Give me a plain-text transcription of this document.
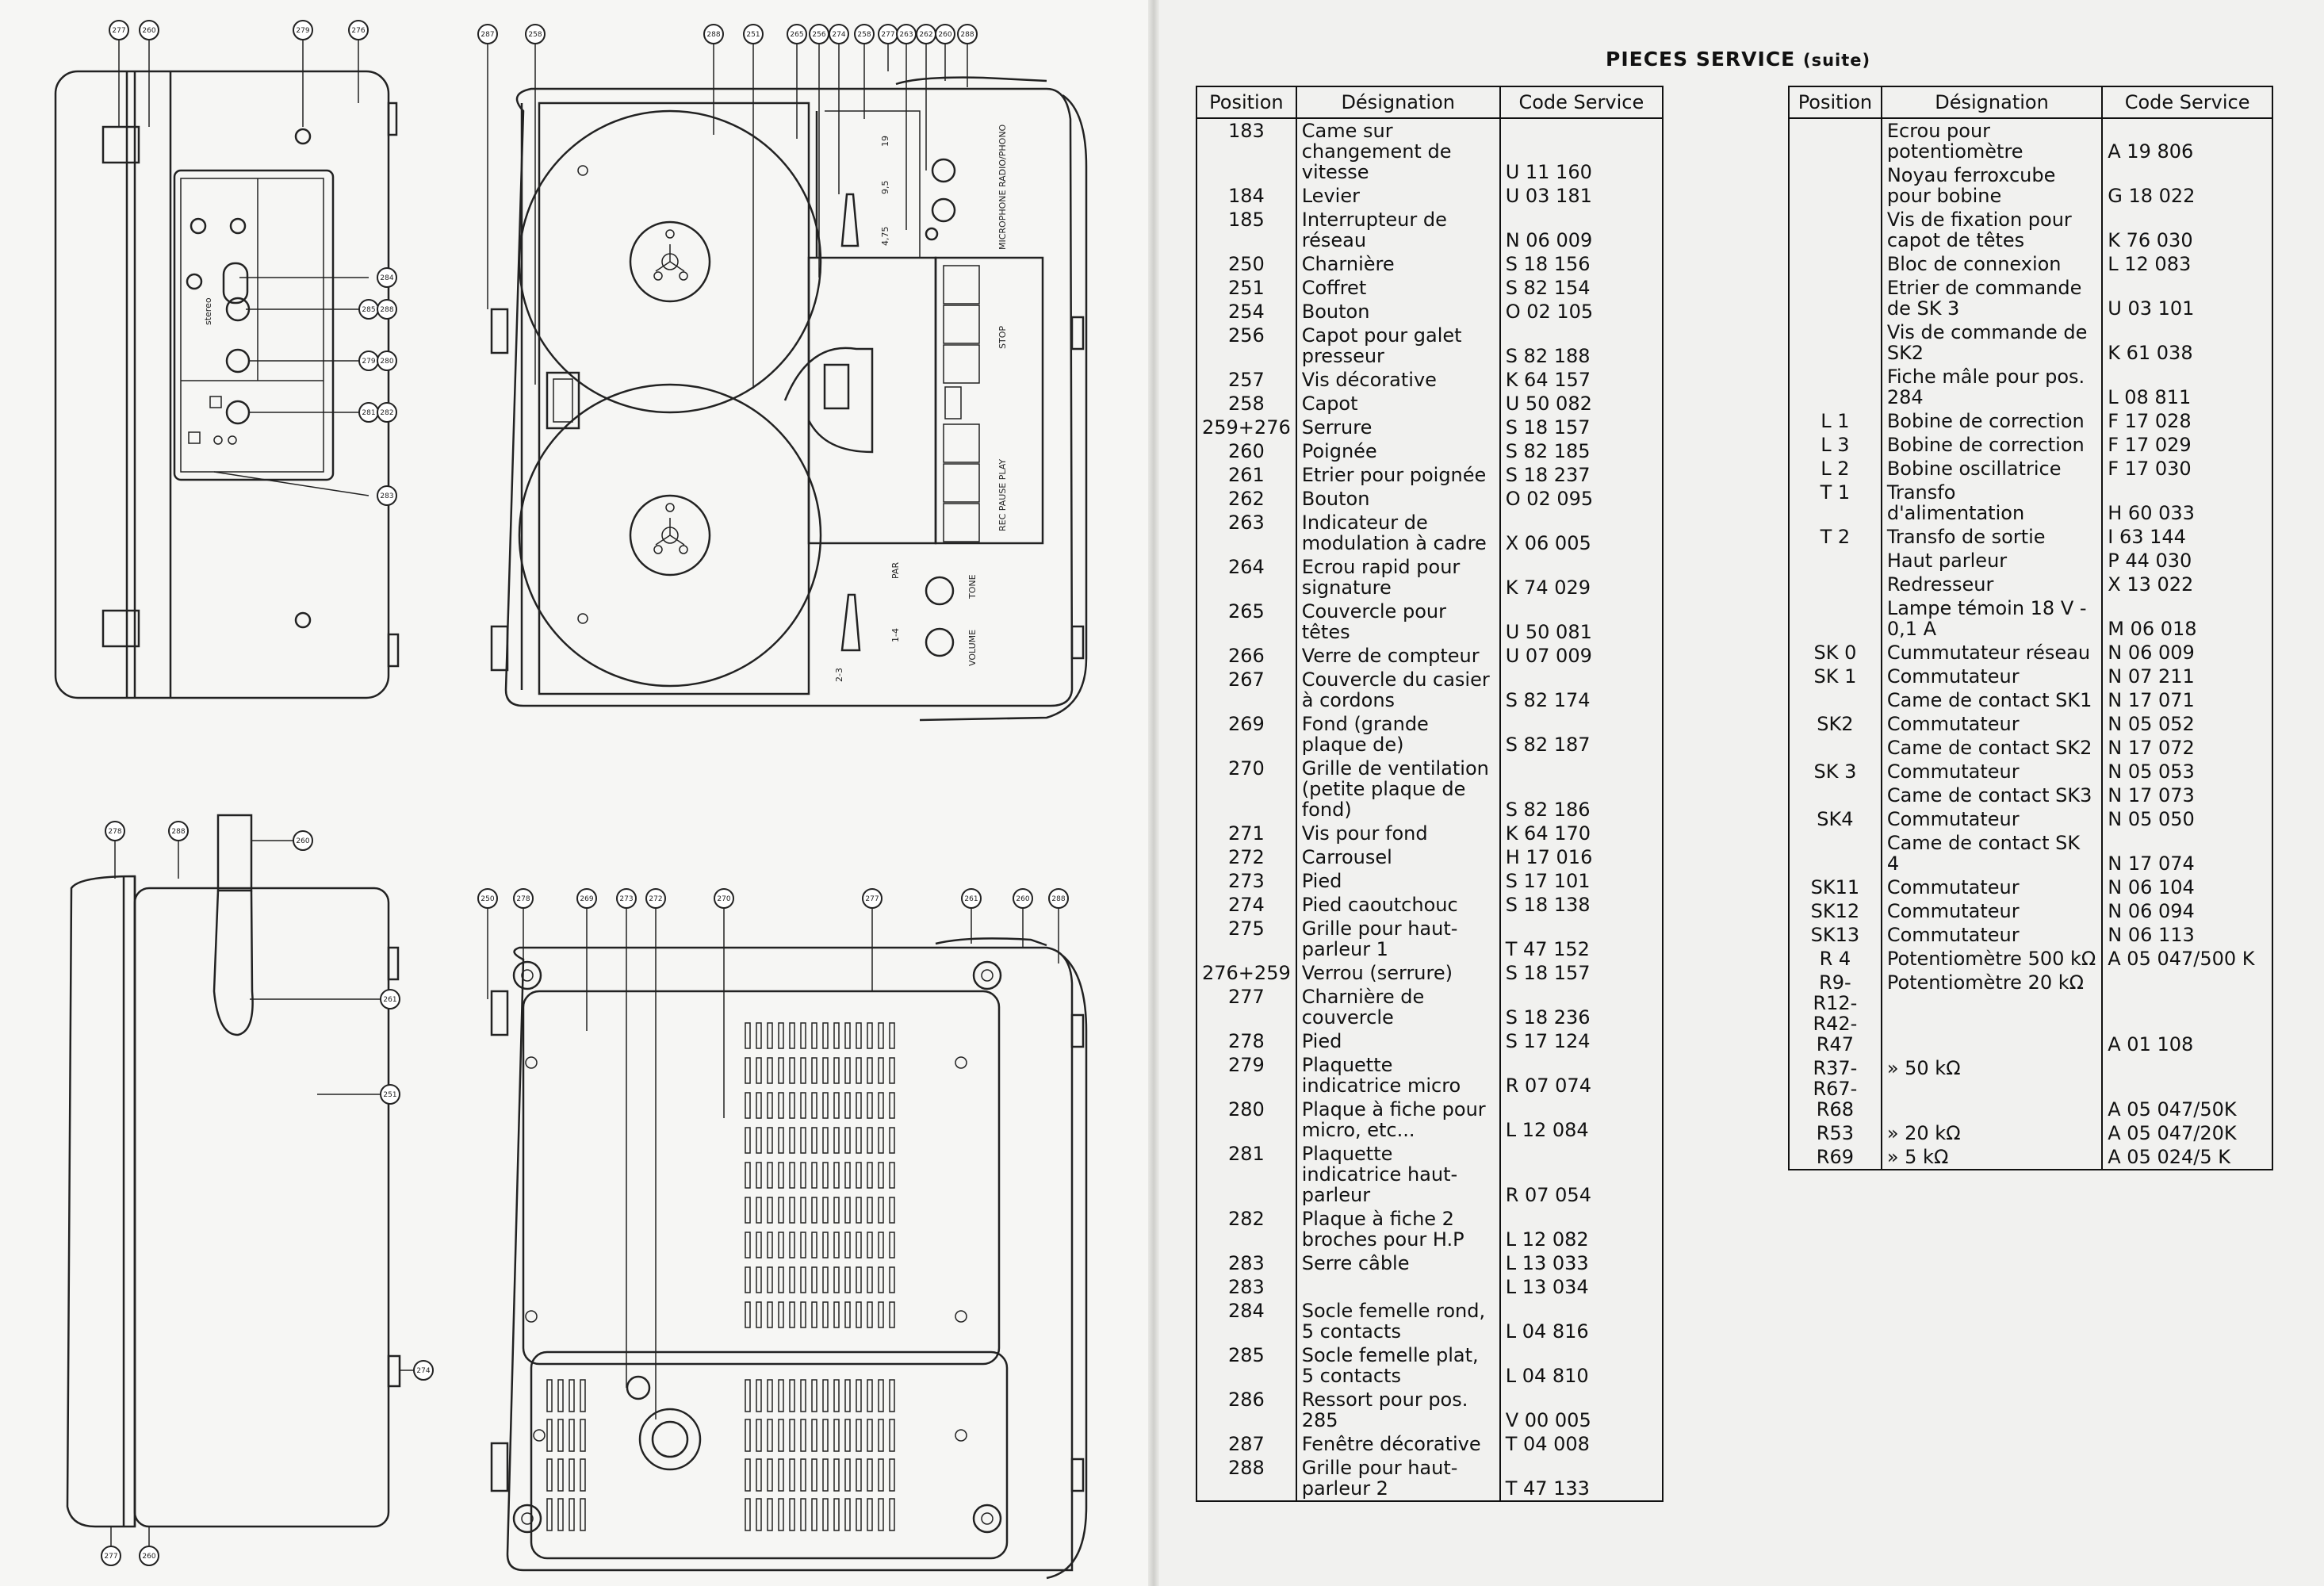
stereo
277 260	279	276
284
285 288
279 280
281 282
283
STOP
REC PAUSE PLAY
MICROPHONE RADIO/PHONO
19
9,5
4,75
VOLUME
TONE
PAR
1-4
2-3
287	258	288	251	265 256 274 258 277 263 262 260 288
278	288
260
261
251
274
277	260
250	278	269	273 272	270	277	261	260	288
PIECES SERVICE (suite)
Position	Désignation	Code Service
183	Came sur changement de vitesse	U 11 160
184	Levier	U 03 181
185	Interrupteur de réseau	N 06 009
250	Charnière	S 18 156
251	Coffret	S 82 154
254	Bouton	O 02 105
256	Capot pour galet presseur	S 82 188
257	Vis décorative	K 64 157
258	Capot	U 50 082
259+276	Serrure	S 18 157
260	Poignée	S 82 185
261	Etrier pour poignée	S 18 237
262	Bouton	O 02 095
263	Indicateur de modulation à cadre	X 06 005
264	Ecrou rapid pour signature	K 74 029
265	Couvercle pour têtes	U 50 081
266	Verre de compteur	U 07 009
267	Couvercle du casier à cordons	S 82 174
269	Fond (grande plaque de)	S 82 187
270	Grille de ventilation (petite plaque de fond)	S 82 186
271	Vis pour fond	K 64 170
272	Carrousel	H 17 016
273	Pied	S 17 101
274	Pied caoutchouc	S 18 138
275	Grille pour haut-parleur 1	T 47 152
276+259	Verrou (serrure)	S 18 157
277	Charnière de couvercle	S 18 236
278	Pied	S 17 124
279	Plaquette indicatrice micro	R 07 074
280	Plaque à fiche pour micro, etc...	L 12 084
281	Plaquette indicatrice haut-parleur	R 07 054
282	Plaque à fiche 2 broches pour H.P	L 12 082
283	Serre câble	L 13 033
283		L 13 034
284	Socle femelle rond, 5 contacts	L 04 816
285	Socle femelle plat, 5 contacts	L 04 810
286	Ressort pour pos. 285	V 00 005
287	Fenêtre décorative	T 04 008
288	Grille pour haut-parleur 2	T 47 133
Position	Désignation	Code Service
	Ecrou pour potentiomètre	A 19 806
	Noyau ferroxcube pour bobine	G 18 022
	Vis de fixation pour capot de têtes	K 76 030
	Bloc de connexion	L 12 083
	Etrier de commande de SK 3	U 03 101
	Vis de commande de SK2	K 61 038
	Fiche mâle pour pos. 284	L 08 811
L 1	Bobine de correction	F 17 028
L 3	Bobine de correction	F 17 029
L 2	Bobine oscillatrice	F 17 030
T 1	Transfo d'alimentation	H 60 033
T 2	Transfo de sortie	I 63 144
	Haut parleur	P 44 030
	Redresseur	X 13 022
	Lampe témoin 18 V - 0,1 A	M 06 018
SK 0	Cummutateur réseau	N 06 009
SK 1	Commutateur	N 07 211
	Came de contact SK1	N 17 071
SK2	Commutateur	N 05 052
	Came de contact SK2	N 17 072
SK 3	Commutateur	N 05 053
	Came de contact SK3	N 17 073
SK4	Commutateur	N 05 050
	Came de contact SK 4	N 17 074
SK11	Commutateur	N 06 104
SK12	Commutateur	N 06 094
SK13	Commutateur	N 06 113
R 4	Potentiomètre 500 kΩ	A 05 047/500 K
R9- R12- R42- R47	Potentiomètre 20 kΩ	A 01 108
R37-R67- R68	» 50 kΩ	A 05 047/50K
R53	» 20 kΩ	A 05 047/20K
R69	» 5 kΩ	A 05 024/5 K
